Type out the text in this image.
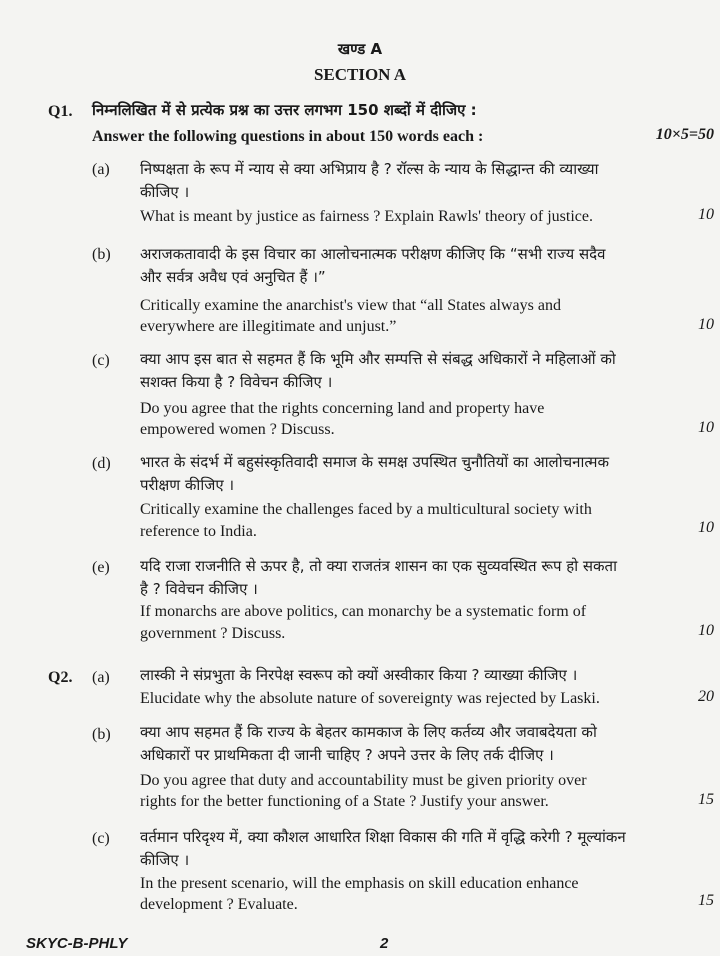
खण्ड A
SECTION A
Q1. निम्नलिखित में से प्रत्येक प्रश्न का उत्तर लगभग 150 शब्दों में दीजिए :
Answer the following questions in about 150 words each :	10×5=50
(a) निष्पक्षता के रूप में न्याय से क्या अभिप्राय है ? रॉल्स के न्याय के सिद्धान्त की व्याख्या
कीजिए ।
What is meant by justice as fairness ? Explain Rawls' theory of justice.	10
(b) अराजकतावादी के इस विचार का आलोचनात्मक परीक्षण कीजिए कि “सभी राज्य सदैव
और सर्वत्र अवैध एवं अनुचित हैं ।”
Critically examine the anarchist's view that “all States always and
everywhere are illegitimate and unjust.”	10
(c) क्या आप इस बात से सहमत हैं कि भूमि और सम्पत्ति से संबद्ध अधिकारों ने महिलाओं को
सशक्त किया है ? विवेचन कीजिए ।
Do you agree that the rights concerning land and property have
empowered women ? Discuss.	10
(d) भारत के संदर्भ में बहुसंस्कृतिवादी समाज के समक्ष उपस्थित चुनौतियों का आलोचनात्मक
परीक्षण कीजिए ।
Critically examine the challenges faced by a multicultural society with
reference to India.	10
(e) यदि राजा राजनीति से ऊपर है, तो क्या राजतंत्र शासन का एक सुव्यवस्थित रूप हो सकता
है ? विवेचन कीजिए ।
If monarchs are above politics, can monarchy be a systematic form of
government ? Discuss.	10
Q2. (a) लास्की ने संप्रभुता के निरपेक्ष स्वरूप को क्यों अस्वीकार किया ? व्याख्या कीजिए ।
Elucidate why the absolute nature of sovereignty was rejected by Laski.	20
(b) क्या आप सहमत हैं कि राज्य के बेहतर कामकाज के लिए कर्तव्य और जवाबदेयता को
अधिकारों पर प्राथमिकता दी जानी चाहिए ? अपने उत्तर के लिए तर्क दीजिए ।
Do you agree that duty and accountability must be given priority over
rights for the better functioning of a State ? Justify your answer.	15
(c) वर्तमान परिदृश्य में, क्या कौशल आधारित शिक्षा विकास की गति में वृद्धि करेगी ? मूल्यांकन
कीजिए ।
In the present scenario, will the emphasis on skill education enhance
development ? Evaluate.	15
SKYC-B-PHLY	2
